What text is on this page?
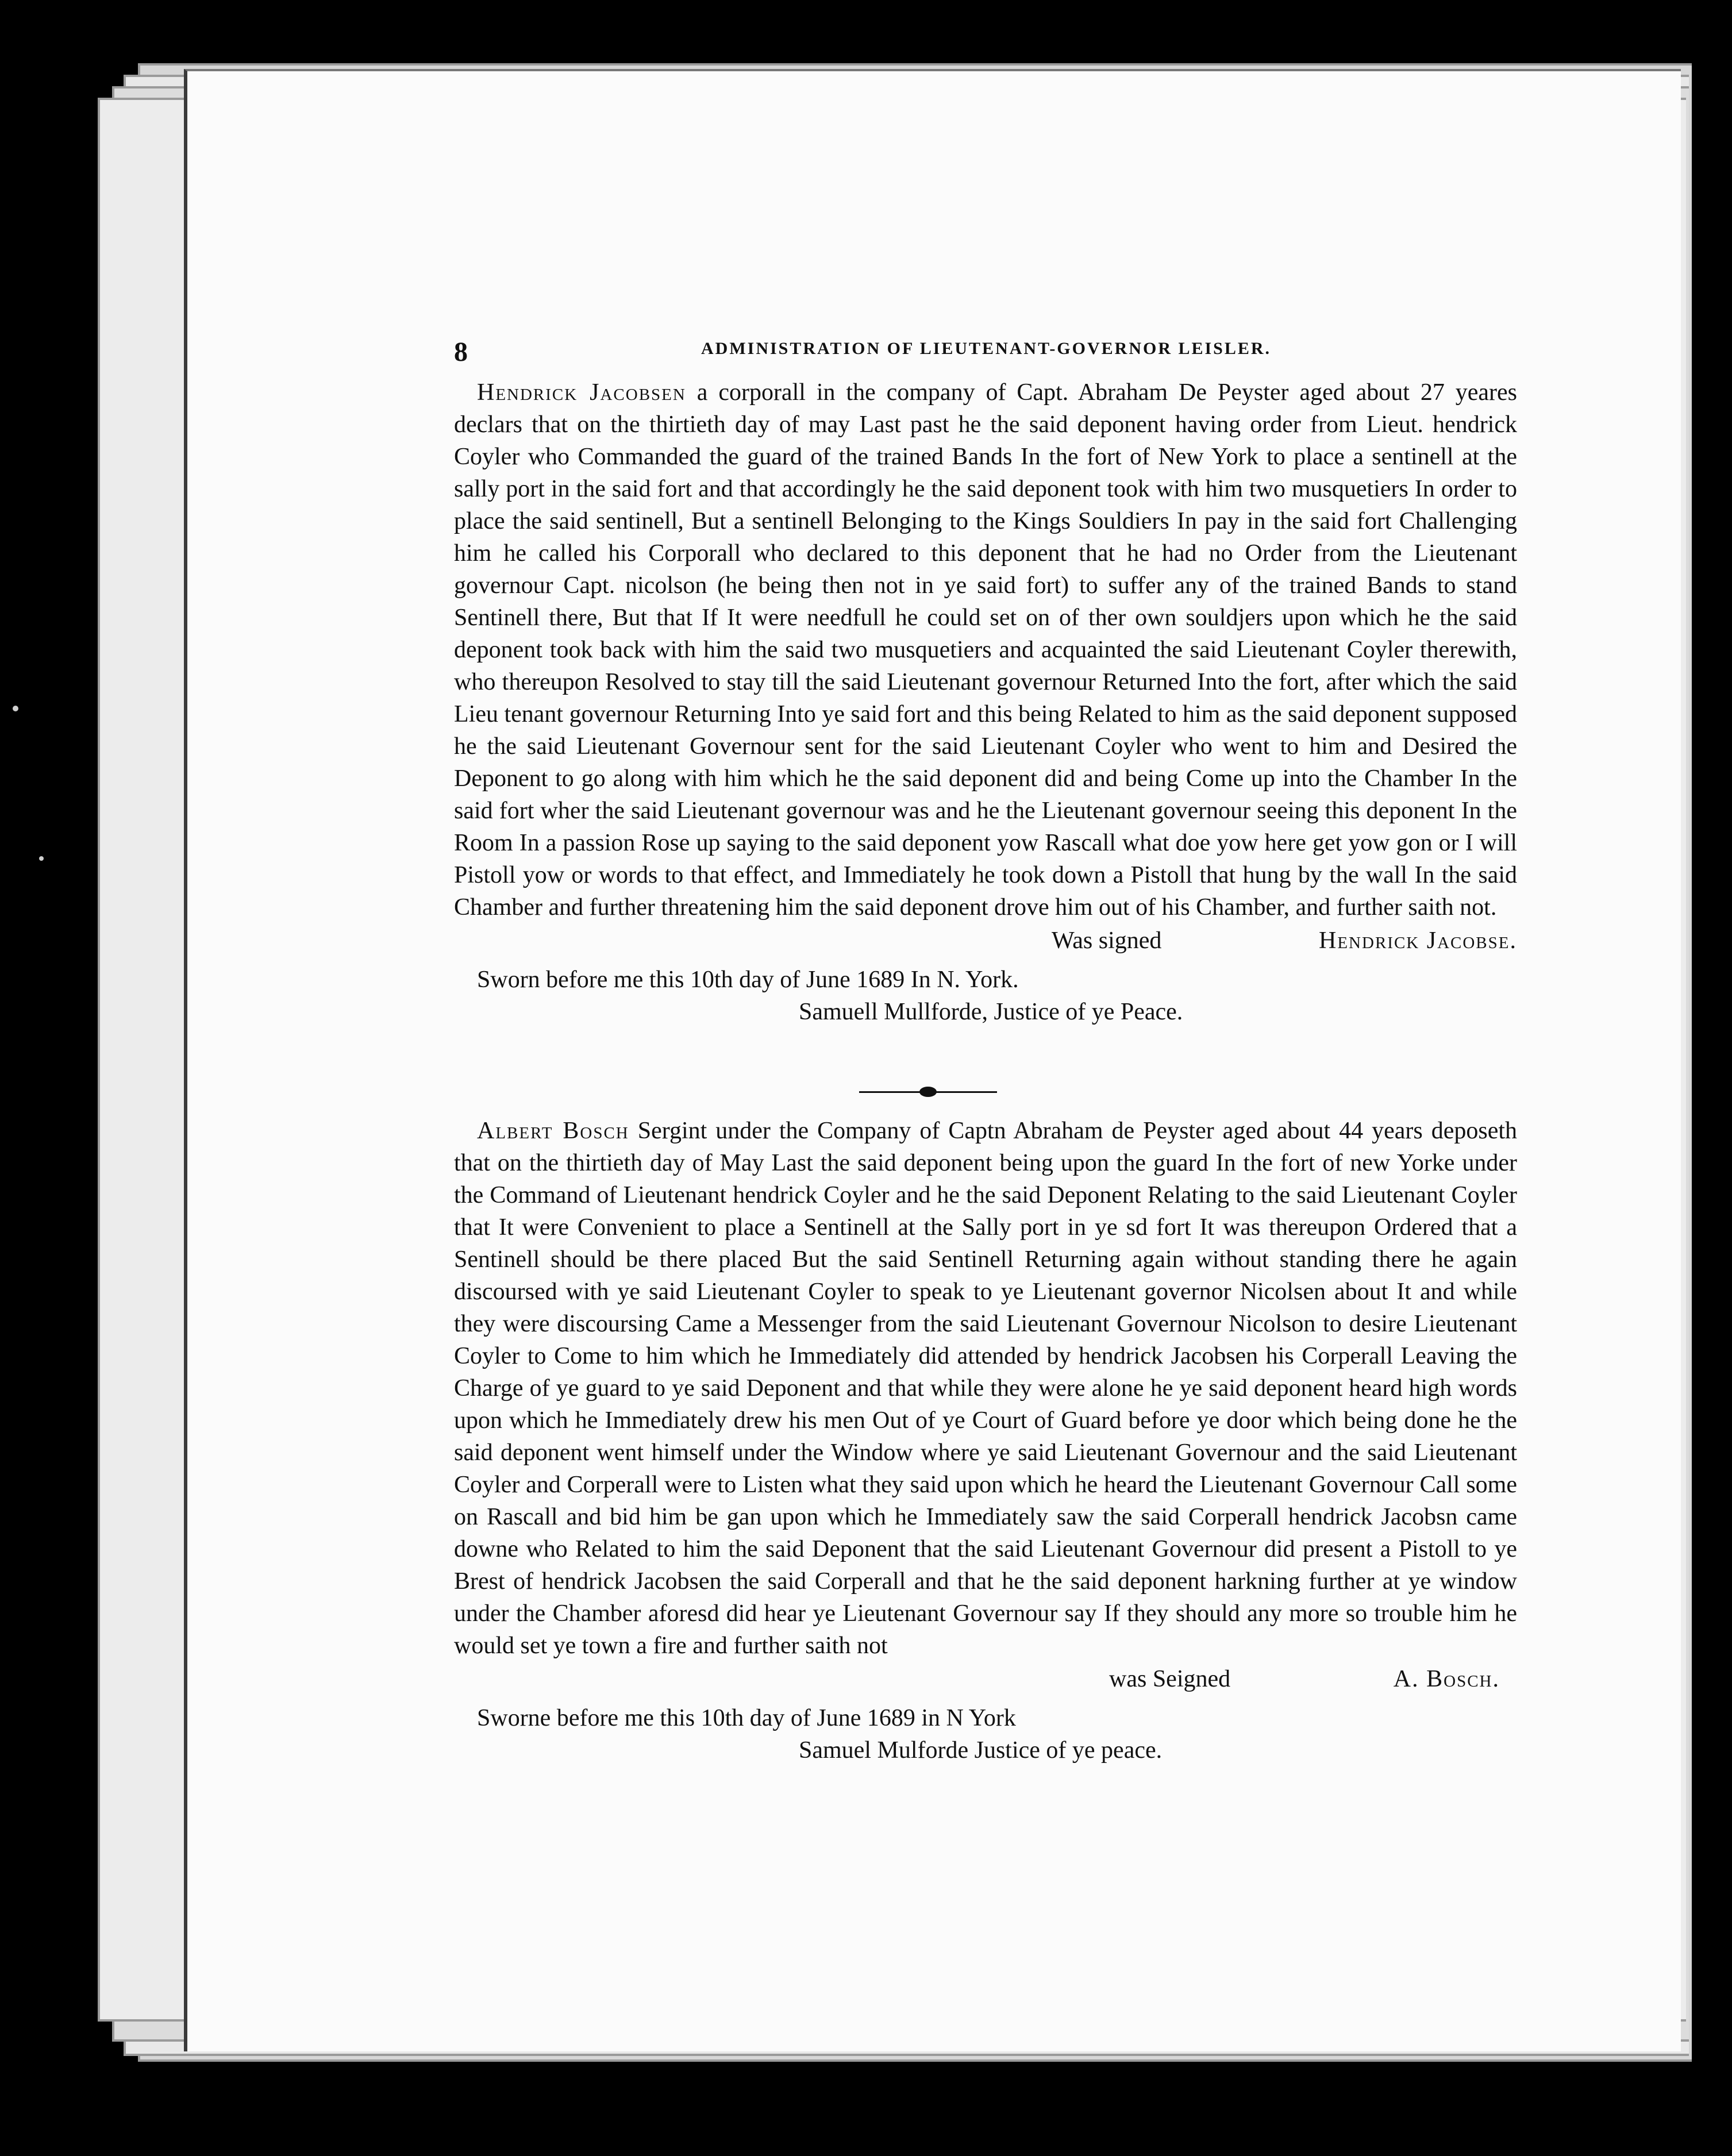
8	ADMINISTRATION OF LIEUTENANT-GOVERNOR LEISLER.

Hendrick Jacobsen a corporall in the company of Capt. Abraham De Peyster aged about 27 yeares declars that on the thirtieth day of may Last past he the said deponent having order from Lieut. hendrick Coyler who Commanded the guard of the trained Bands In the fort of New York to place a sentinell at the sally port in the said fort and that accordingly he the said deponent took with him two musquetiers In order to place the said sentinell, But a sentinell Belonging to the Kings Souldiers In pay in the said fort Challenging him he called his Corporall who declared to this deponent that he had no Order from the Lieutenant governour Capt. nicolson (he being then not in ye said fort) to suffer any of the trained Bands to stand Sentinell there, But that If It were needfull he could set on of ther own souldjers upon which he the said deponent took back with him the said two musquetiers and acquainted the said Lieutenant Coyler therewith, who thereupon Resolved to stay till the said Lieutenant governour Returned Into the fort, after which the said Lieu tenant governour Returning Into ye said fort and this being Related to him as the said deponent supposed he the said Lieutenant Governour sent for the said Lieutenant Coyler who went to him and Desired the Deponent to go along with him which he the said deponent did and being Come up into the Chamber In the said fort wher the said Lieutenant governour was and he the Lieutenant governour seeing this deponent In the Room In a passion Rose up saying to the said deponent yow Rascall what doe yow here get yow gon or I will Pistoll yow or words to that effect, and Immediately he took down a Pistoll that hung by the wall In the said Chamber and further threatening him the said deponent drove him out of his Chamber, and further saith not.

Was signed	Hendrick Jacobse.
Sworn before me this 10th day of June 1689 In N. York.
Samuell Mullforde, Justice of ye Peace.

Albert Bosch Sergint under the Company of Captn Abraham de Peyster aged about 44 years deposeth that on the thirtieth day of May Last the said deponent being upon the guard In the fort of new Yorke under the Command of Lieutenant hendrick Coyler and he the said Deponent Relating to the said Lieutenant Coyler that It were Convenient to place a Sentinell at the Sally port in ye sd fort It was thereupon Ordered that a Sentinell should be there placed But the said Sentinell Returning again without standing there he again discoursed with ye said Lieutenant Coyler to speak to ye Lieutenant governor Nicolsen about It and while they were discoursing Came a Messenger from the said Lieutenant Governour Nicolson to desire Lieutenant Coyler to Come to him which he Immediately did attended by hendrick Jacobsen his Corperall Leaving the Charge of ye guard to ye said Deponent and that while they were alone he ye said deponent heard high words upon which he Immediately drew his men Out of ye Court of Guard before ye door which being done he the said deponent went himself under the Window where ye said Lieutenant Governour and the said Lieutenant Coyler and Corperall were to Listen what they said upon which he heard the Lieutenant Governour Call some on Rascall and bid him be gan upon which he Immediately saw the said Corperall hendrick Jacobsn came downe who Related to him the said Deponent that the said Lieutenant Governour did present a Pistoll to ye Brest of hendrick Jacobsen the said Corperall and that he the said deponent harkning further at ye window under the Chamber aforesd did hear ye Lieutenant Governour say If they should any more so trouble him he would set ye town a fire and further saith not

was Seigned	A. Bosch.
Sworne before me this 10th day of June 1689 in N York
Samuel Mulforde Justice of ye peace.
